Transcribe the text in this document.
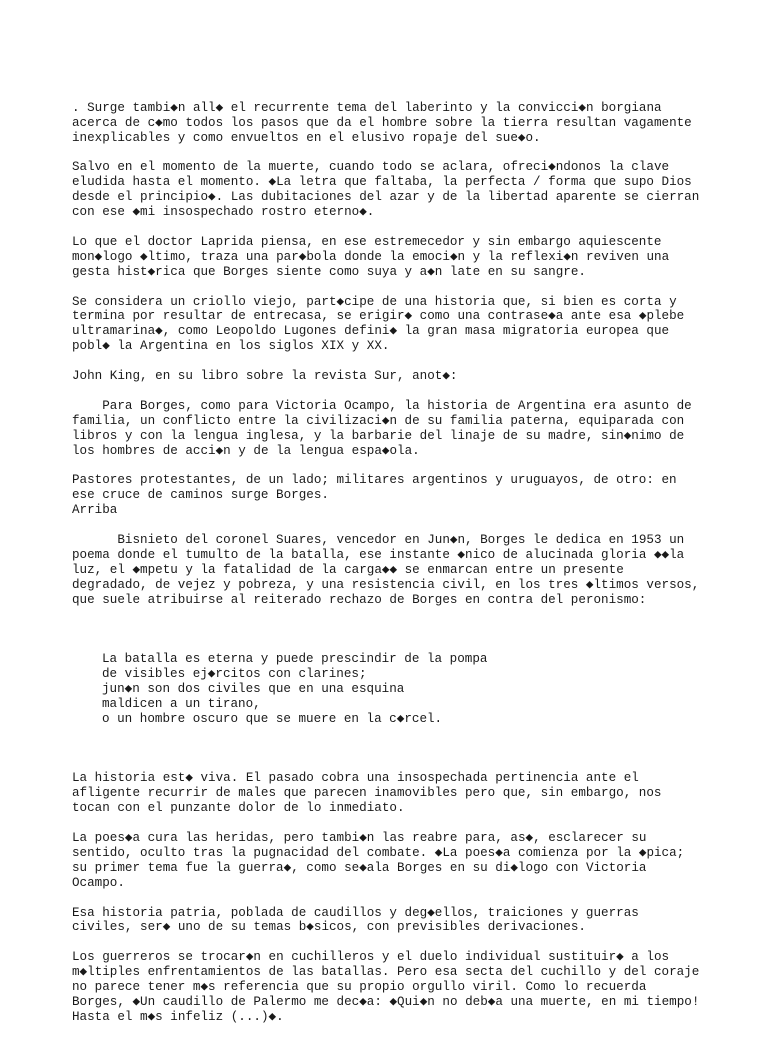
. Surge tambi◆n all◆ el recurrente tema del laberinto y la convicci◆n borgiana
acerca de c◆mo todos los pasos que da el hombre sobre la tierra resultan vagamente
inexplicables y como envueltos en el elusivo ropaje del sue◆o.
Salvo en el momento de la muerte, cuando todo se aclara, ofreci◆ndonos la clave
eludida hasta el momento. ◆La letra que faltaba, la perfecta / forma que supo Dios
desde el principio◆. Las dubitaciones del azar y de la libertad aparente se cierran
con ese ◆mi insospechado rostro eterno◆.
Lo que el doctor Laprida piensa, en ese estremecedor y sin embargo aquiescente
mon◆logo ◆ltimo, traza una par◆bola donde la emoci◆n y la reflexi◆n reviven una
gesta hist◆rica que Borges siente como suya y a◆n late en su sangre.
Se considera un criollo viejo, part◆cipe de una historia que, si bien es corta y
termina por resultar de entrecasa, se erigir◆ como una contrase◆a ante esa ◆plebe
ultramarina◆, como Leopoldo Lugones defini◆ la gran masa migratoria europea que
pobl◆ la Argentina en los siglos XIX y XX.
John King, en su libro sobre la revista Sur, anot◆:
Para Borges, como para Victoria Ocampo, la historia de Argentina era asunto de
familia, un conflicto entre la civilizaci◆n de su familia paterna, equiparada con
libros y con la lengua inglesa, y la barbarie del linaje de su madre, sin◆nimo de
los hombres de acci◆n y de la lengua espa◆ola.
Pastores protestantes, de un lado; militares argentinos y uruguayos, de otro: en
ese cruce de caminos surge Borges.
Arriba
Bisnieto del coronel Suares, vencedor en Jun◆n, Borges le dedica en 1953 un
poema donde el tumulto de la batalla, ese instante ◆nico de alucinada gloria ◆◆la
luz, el ◆mpetu y la fatalidad de la carga◆◆ se enmarcan entre un presente
degradado, de vejez y pobreza, y una resistencia civil, en los tres ◆ltimos versos,
que suele atribuirse al reiterado rechazo de Borges en contra del peronismo:

La batalla es eterna y puede prescindir de la pompa
de visibles ej◆rcitos con clarines;
jun◆n son dos civiles que en una esquina
maldicen a un tirano,
o un hombre oscuro que se muere en la c◆rcel.

La historia est◆ viva. El pasado cobra una insospechada pertinencia ante el
afligente recurrir de males que parecen inamovibles pero que, sin embargo, nos
tocan con el punzante dolor de lo inmediato.
La poes◆a cura las heridas, pero tambi◆n las reabre para, as◆, esclarecer su
sentido, oculto tras la pugnacidad del combate. ◆La poes◆a comienza por la ◆pica;
su primer tema fue la guerra◆, como se◆ala Borges en su di◆logo con Victoria
Ocampo.
Esa historia patria, poblada de caudillos y deg◆ellos, traiciones y guerras
civiles, ser◆ uno de su temas b◆sicos, con previsibles derivaciones.
Los guerreros se trocar◆n en cuchilleros y el duelo individual sustituir◆ a los
m◆ltiples enfrentamientos de las batallas. Pero esa secta del cuchillo y del coraje
no parece tener m◆s referencia que su propio orgullo viril. Como lo recuerda
Borges, ◆Un caudillo de Palermo me dec◆a: ◆Qui◆n no deb◆a una muerte, en mi tiempo!
Hasta el m◆s infeliz (...)◆.
